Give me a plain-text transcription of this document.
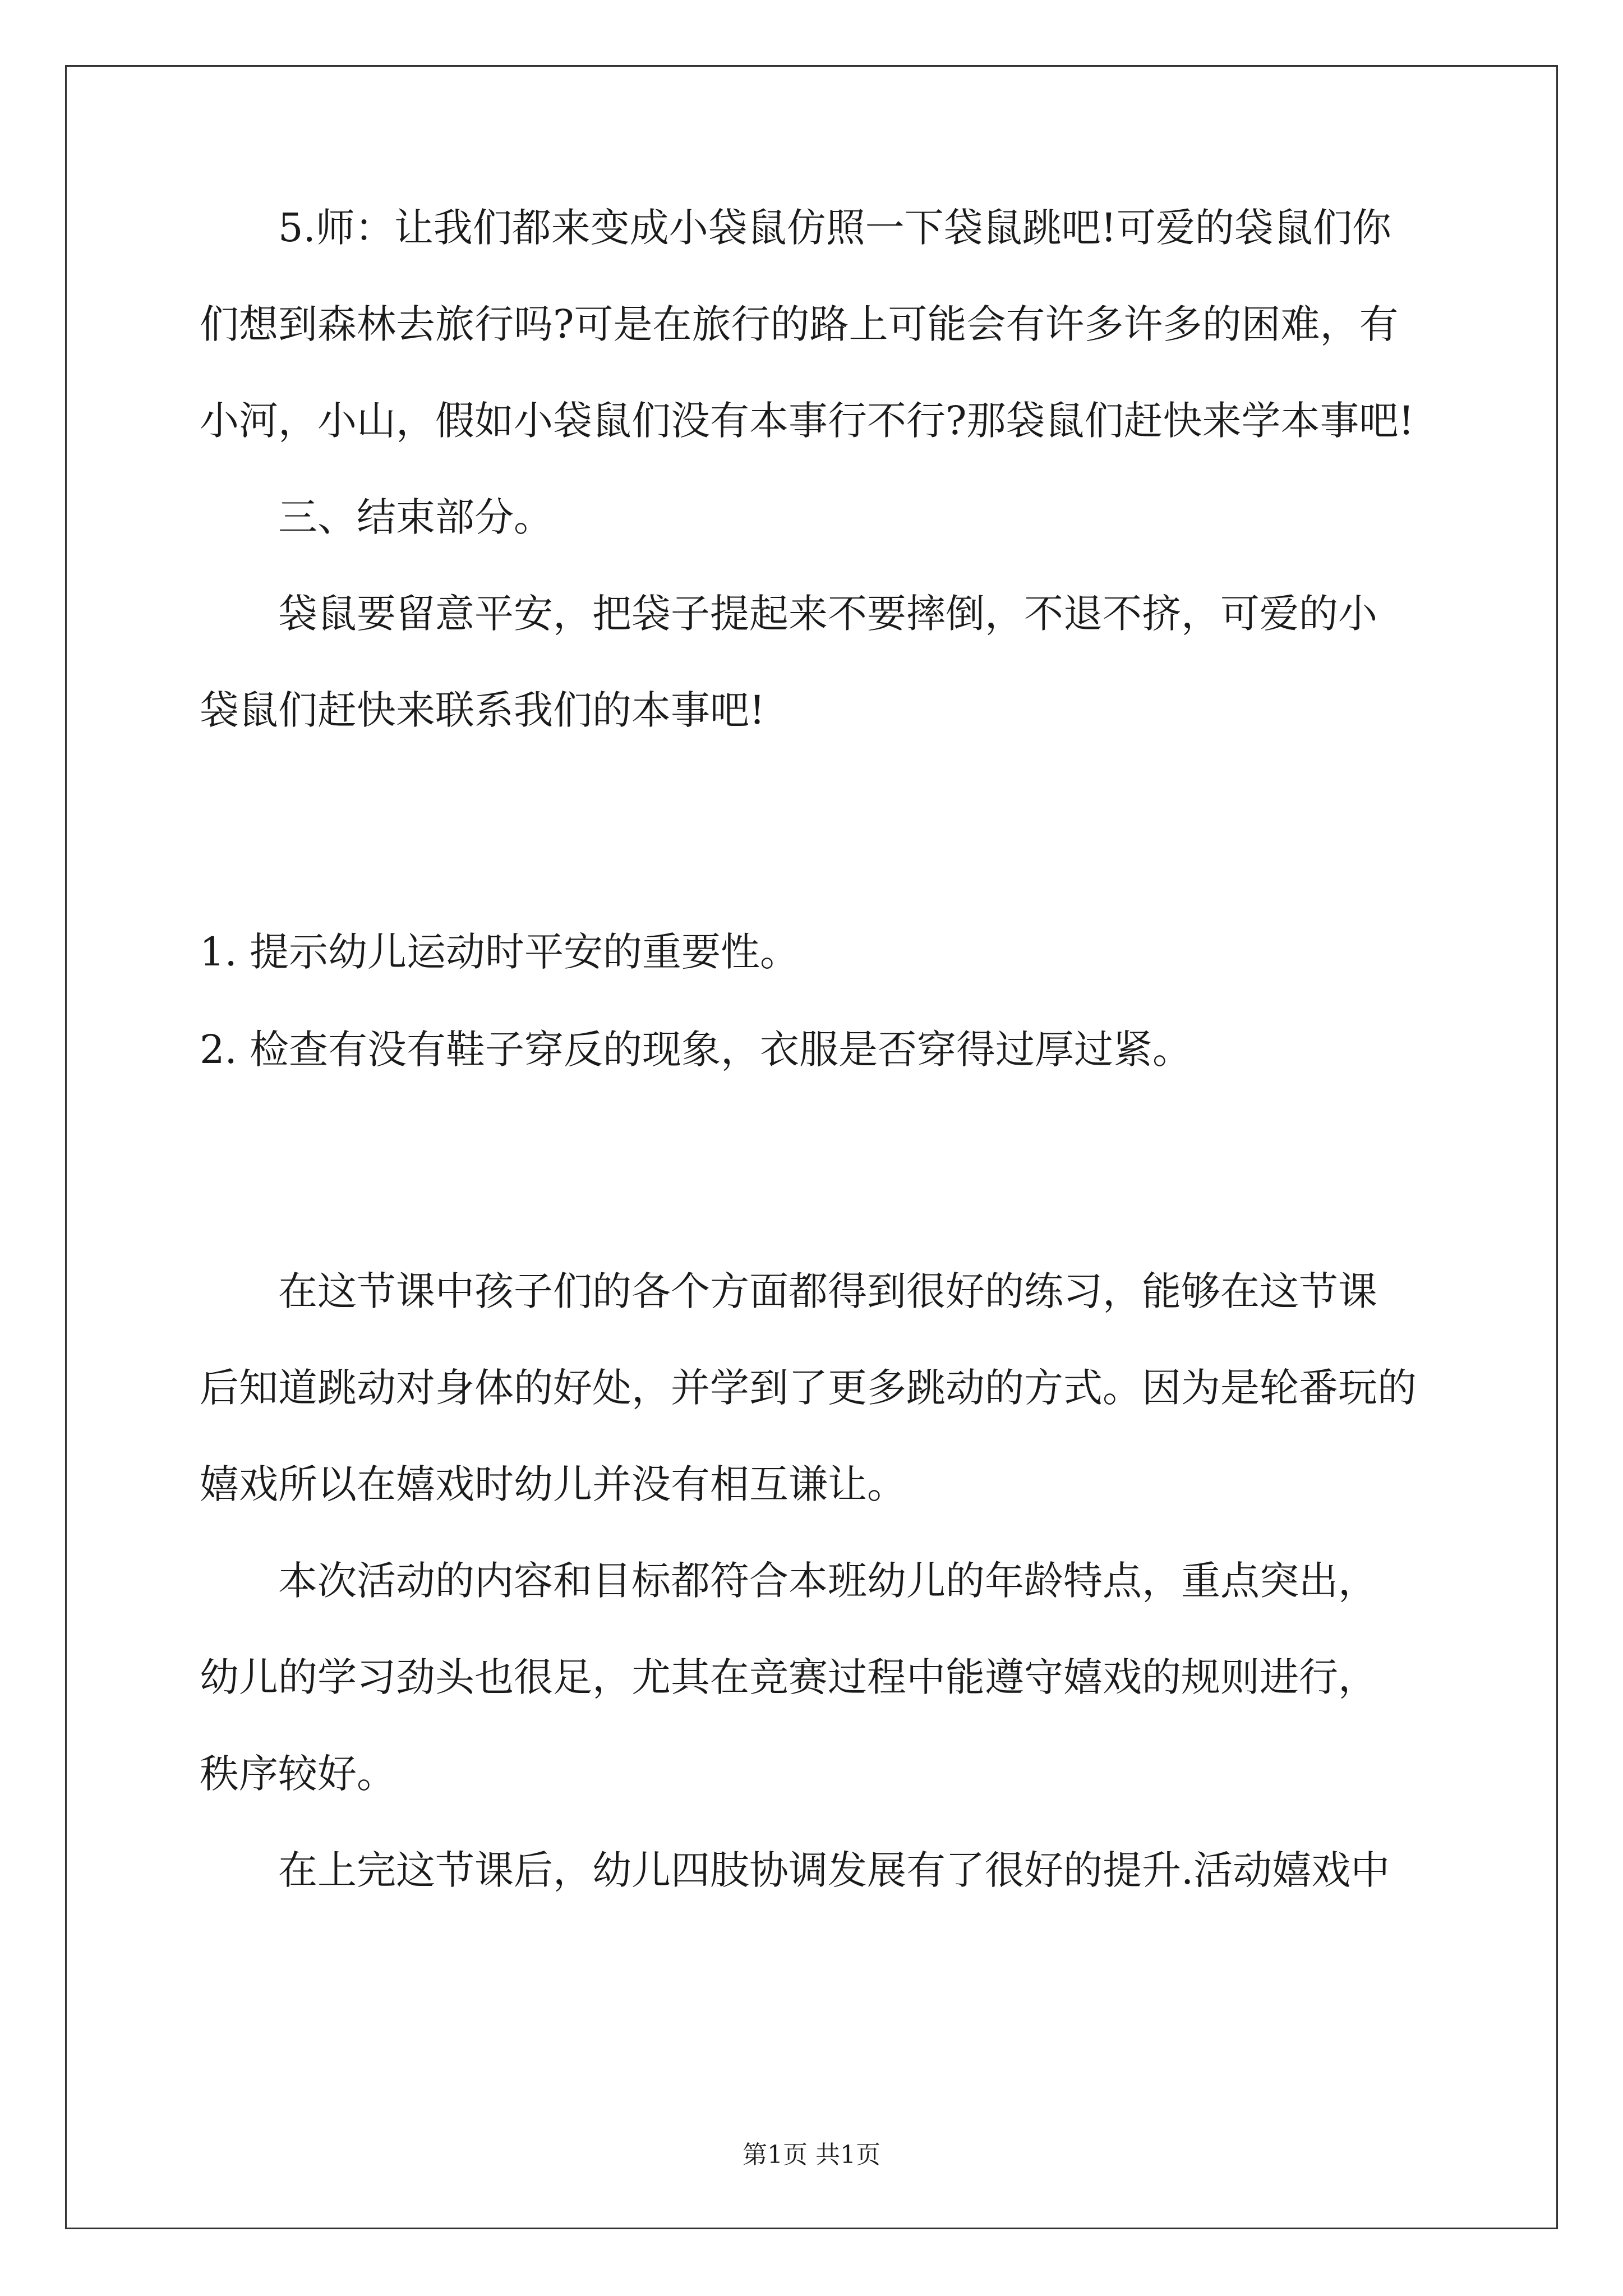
5.师：让我们都来变成小袋鼠仿照一下袋鼠跳吧!可爱的袋鼠们你
们想到森林去旅行吗?可是在旅行的路上可能会有许多许多的困难，有
小河，小山，假如小袋鼠们没有本事行不行?那袋鼠们赶快来学本事吧!
三、结束部分。
袋鼠要留意平安，把袋子提起来不要摔倒，不退不挤，可爱的小
袋鼠们赶快来联系我们的本事吧!
1. 提示幼儿运动时平安的重要性。
2. 检查有没有鞋子穿反的现象，衣服是否穿得过厚过紧。
在这节课中孩子们的各个方面都得到很好的练习，能够在这节课
后知道跳动对身体的好处，并学到了更多跳动的方式。因为是轮番玩的
嬉戏所以在嬉戏时幼儿并没有相互谦让。
本次活动的内容和目标都符合本班幼儿的年龄特点，重点突出，
幼儿的学习劲头也很足，尤其在竞赛过程中能遵守嬉戏的规则进行，
秩序较好。
在上完这节课后，幼儿四肢协调发展有了很好的提升.活动嬉戏中
第1页 共1页
